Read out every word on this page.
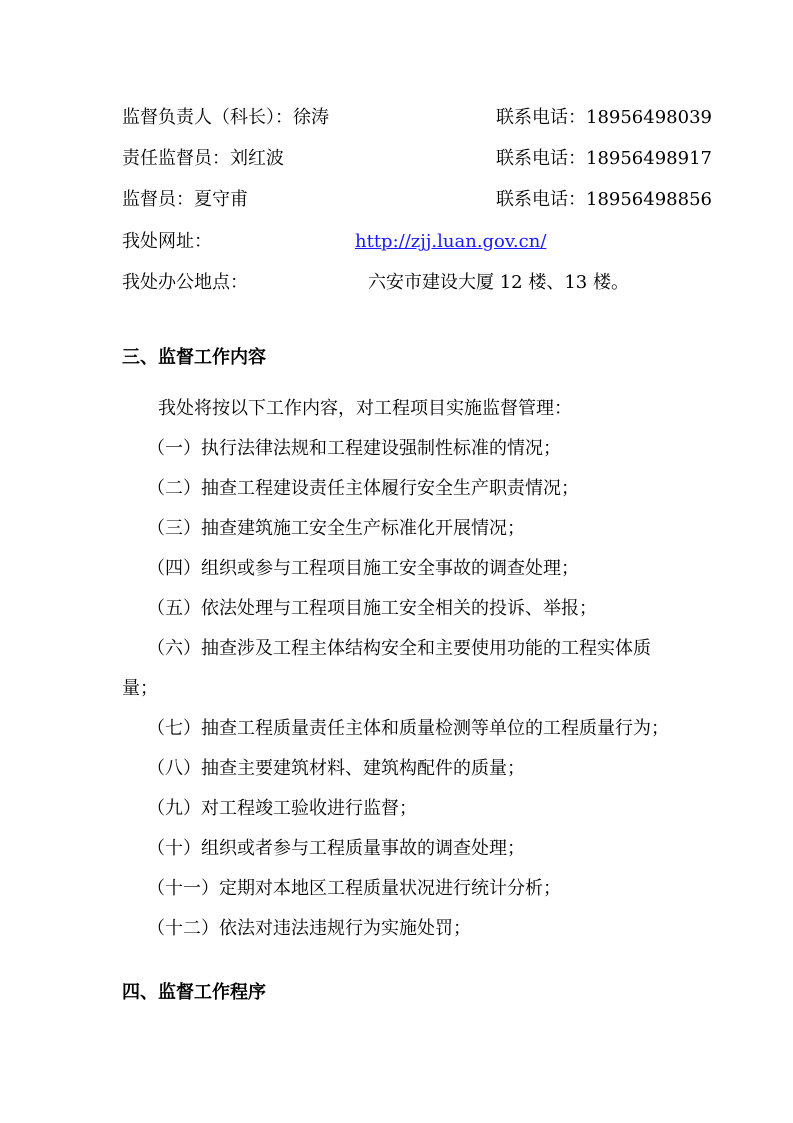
监督负责人（科长）：徐涛	联系电话：18956498039
责任监督员：刘红波	联系电话：18956498917
监督员：夏守甫	联系电话：18956498856
我处网址：	http://zjj.luan.gov.cn/
我处办公地点：	六安市建设大厦 12 楼、13 楼。
三、监督工作内容
我处将按以下工作内容，对工程项目实施监督管理：
（一）执行法律法规和工程建设强制性标准的情况；
（二）抽查工程建设责任主体履行安全生产职责情况；
（三）抽查建筑施工安全生产标准化开展情况；
（四）组织或参与工程项目施工安全事故的调查处理；
（五）依法处理与工程项目施工安全相关的投诉、举报；
（六）抽查涉及工程主体结构安全和主要使用功能的工程实体质
量；
（七）抽查工程质量责任主体和质量检测等单位的工程质量行为；
（八）抽查主要建筑材料、建筑构配件的质量；
（九）对工程竣工验收进行监督；
（十）组织或者参与工程质量事故的调查处理；
（十一）定期对本地区工程质量状况进行统计分析；
（十二）依法对违法违规行为实施处罚；
四、监督工作程序
